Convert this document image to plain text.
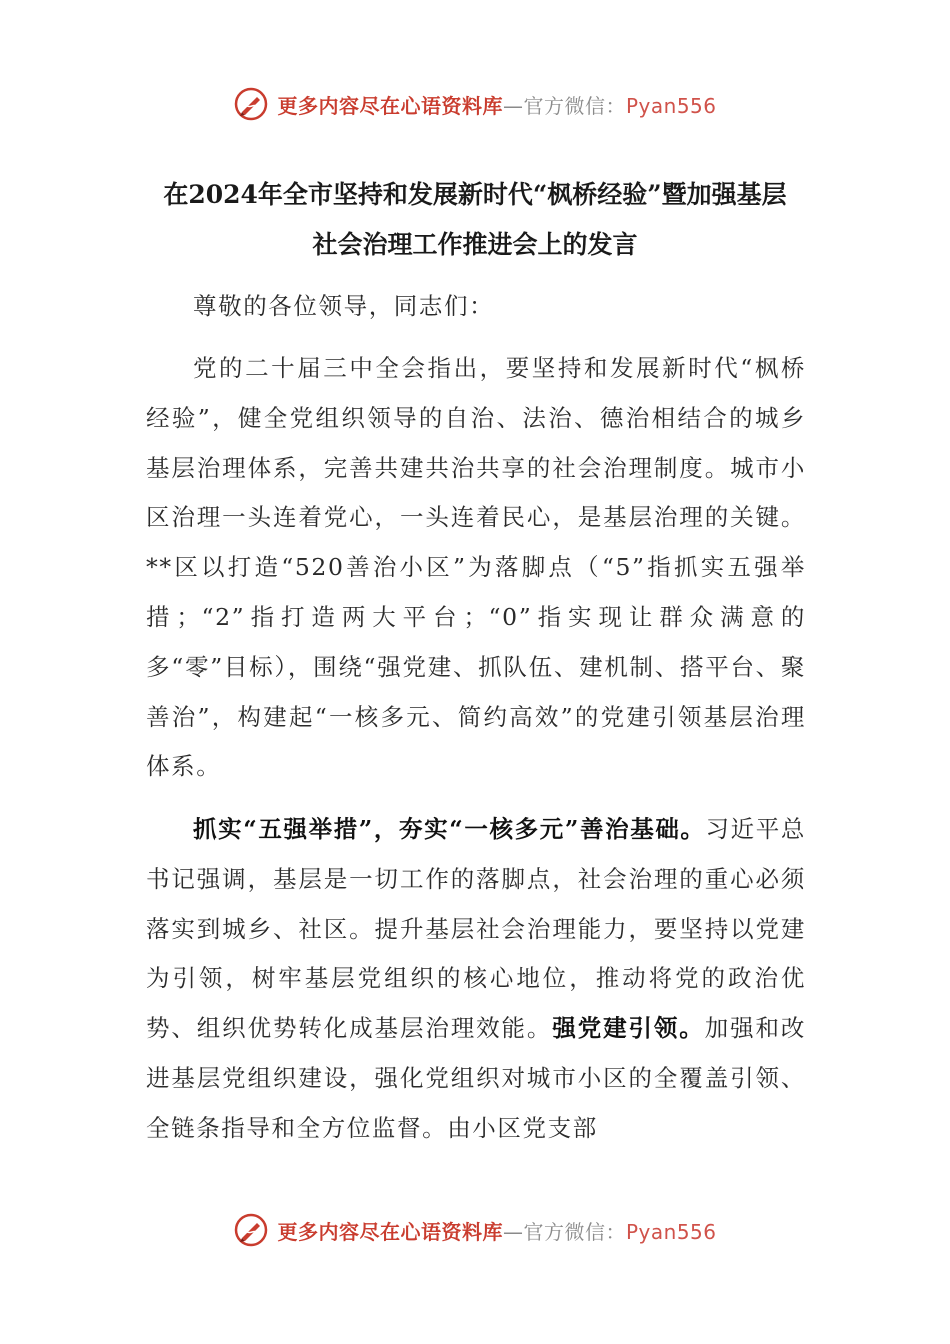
更多内容尽在心语资料库—官方微信：Pyan556
在2024年全市坚持和发展新时代“枫桥经验”暨加强基层
社会治理工作推进会上的发言

尊敬的各位领导，同志们：

党的二十届三中全会指出，要坚持和发展新时代“枫桥经验”，健全党组织领导的自治、法治、德治相结合的城乡基层治理体系，完善共建共治共享的社会治理制度。城市小区治理一头连着党心，一头连着民心，是基层治理的关键。**区以打造“520善治小区”为落脚点（“5”指抓实五强举措；“2”指打造两大平台；“0”指实现让群众满意的多“零”目标），围绕“强党建、抓队伍、建机制、搭平台、聚善治”，构建起“一核多元、简约高效”的党建引领基层治理体系。

抓实“五强举措”，夯实“一核多元”善治基础。习近平总书记强调，基层是一切工作的落脚点，社会治理的重心必须落实到城乡、社区。提升基层社会治理能力，要坚持以党建为引领，树牢基层党组织的核心地位，推动将党的政治优势、组织优势转化成基层治理效能。强党建引领。加强和改进基层党组织建设，强化党组织对城市小区的全覆盖引领、全链条指导和全方位监督。由小区党支部

更多内容尽在心语资料库—官方微信：Pyan556
